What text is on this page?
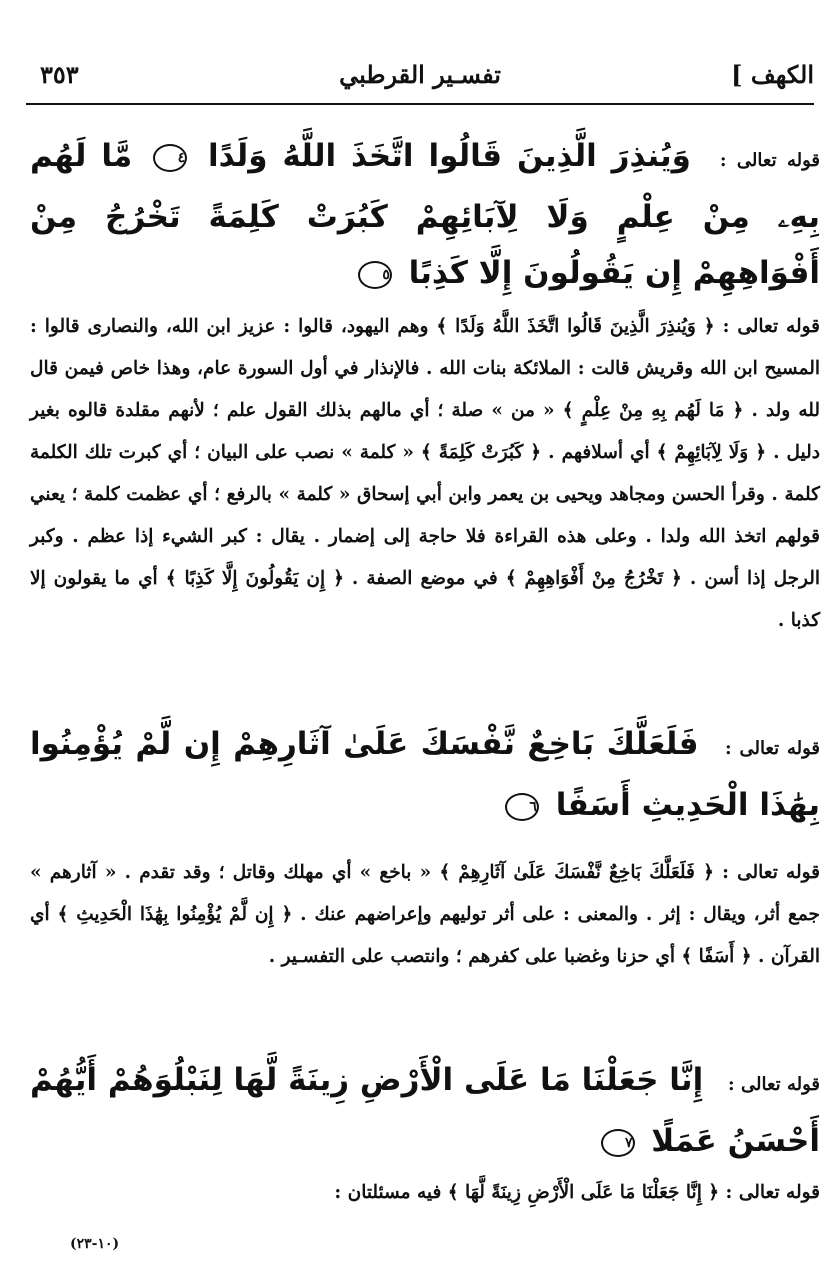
الكهف ]
تفسـير القرطبي
٣٥٣
قوله تعالى : وَيُنذِرَ الَّذِينَ قَالُوا اتَّخَذَ اللَّهُ وَلَدًا ٤ مَّا لَهُم بِهِۦ مِنْ عِلْمٍ وَلَا لِآبَائِهِمْ كَبُرَتْ كَلِمَةً تَخْرُجُ مِنْ أَفْوَاهِهِمْ إِن يَقُولُونَ إِلَّا كَذِبًا ٥
قوله تعالى : ﴿ وَيُنذِرَ الَّذِينَ قَالُوا اتَّخَذَ اللَّهُ وَلَدًا ﴾ وهم اليهود، قالوا : عزيز ابن الله، والنصارى قالوا : المسيح ابن الله وقريش قالت : الملائكة بنات الله . فالإنذار في أول السورة عام، وهذا خاص فيمن قال لله ولد . ﴿ مَا لَهُم بِهِ مِنْ عِلْمٍ ﴾ « من » صلة ؛ أي مالهم بذلك القول علم ؛ لأنهم مقلدة قالوه بغير دليل . ﴿ وَلَا لِآبَائِهِمْ ﴾ أي أسلافهم . ﴿ كَبُرَتْ كَلِمَةً ﴾ « كلمة » نصب على البيان ؛ أي كبرت تلك الكلمة كلمة . وقرأ الحسن ومجاهد ويحيى بن يعمر وابن أبي إسحاق « كلمة » بالرفع ؛ أي عظمت كلمة ؛ يعني قولهم اتخذ الله ولدا . وعلى هذه القراءة فلا حاجة إلى إضمار . يقال : كبر الشيء إذا عظم . وكبر الرجل إذا أسن . ﴿ تَخْرُجُ مِنْ أَفْوَاهِهِمْ ﴾ في موضع الصفة . ﴿ إِن يَقُولُونَ إِلَّا كَذِبًا ﴾ أي ما يقولون إلا كذبا .
قوله تعالى : فَلَعَلَّكَ بَاخِعٌ نَّفْسَكَ عَلَىٰ آثَارِهِمْ إِن لَّمْ يُؤْمِنُوا بِهَٰذَا الْحَدِيثِ أَسَفًا ٦
قوله تعالى : ﴿ فَلَعَلَّكَ بَاخِعٌ نَّفْسَكَ عَلَىٰ آثَارِهِمْ ﴾ « باخع » أي مهلك وقاتل ؛ وقد تقدم . « آثارهم » جمع أثر، ويقال : إثر . والمعنى : على أثر توليهم وإعراضهم عنك . ﴿ إِن لَّمْ يُؤْمِنُوا بِهَٰذَا الْحَدِيثِ ﴾ أي القرآن . ﴿ أَسَفًا ﴾ أي حزنا وغضبا على كفرهم ؛ وانتصب على التفسـير .
قوله تعالى : إِنَّا جَعَلْنَا مَا عَلَى الْأَرْضِ زِينَةً لَّهَا لِنَبْلُوَهُمْ أَيُّهُمْ أَحْسَنُ عَمَلًا ٧
قوله تعالى : ﴿ إِنَّا جَعَلْنَا مَا عَلَى الْأَرْضِ زِينَةً لَّهَا ﴾ فيه مسئلتان :
(١٠-٢٣)
